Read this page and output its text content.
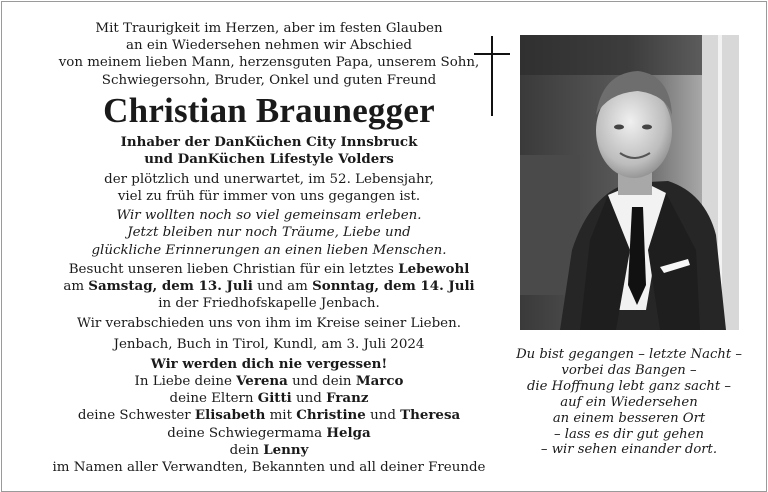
Mit Traurigkeit im Herzen, aber im festen Glauben
an ein Wiedersehen nehmen wir Abschied
von meinem lieben Mann, herzensguten Papa, unserem Sohn,
Schwiegersohn, Bruder, Onkel und guten Freund
Christian Braunegger
Inhaber der DanKüchen City Innsbruck
und DanKüchen Lifestyle Volders
der plötzlich und unerwartet, im 52. Lebensjahr,
viel zu früh für immer von uns gegangen ist.
Wir wollten noch so viel gemeinsam erleben.
Jetzt bleiben nur noch Träume, Liebe und
glückliche Erinnerungen an einen lieben Menschen.
Besucht unseren lieben Christian für ein letztes Lebewohl
am Samstag, dem 13. Juli und am Sonntag, dem 14. Juli
in der Friedhofskapelle Jenbach.
Wir verabschieden uns von ihm im Kreise seiner Lieben.
Jenbach, Buch in Tirol, Kundl, am 3. Juli 2024
Wir werden dich nie vergessen!
In Liebe deine Verena und dein Marco
deine Eltern Gitti und Franz
deine Schwester Elisabeth mit Christine und Theresa
deine Schwiegermama Helga
dein Lenny
im Namen aller Verwandten, Bekannten und all deiner Freunde
Du bist gegangen – letzte Nacht –
vorbei das Bangen –
die Hoffnung lebt ganz sacht –
auf ein Wiedersehen
an einem besseren Ort
– lass es dir gut gehen
– wir sehen einander dort.
